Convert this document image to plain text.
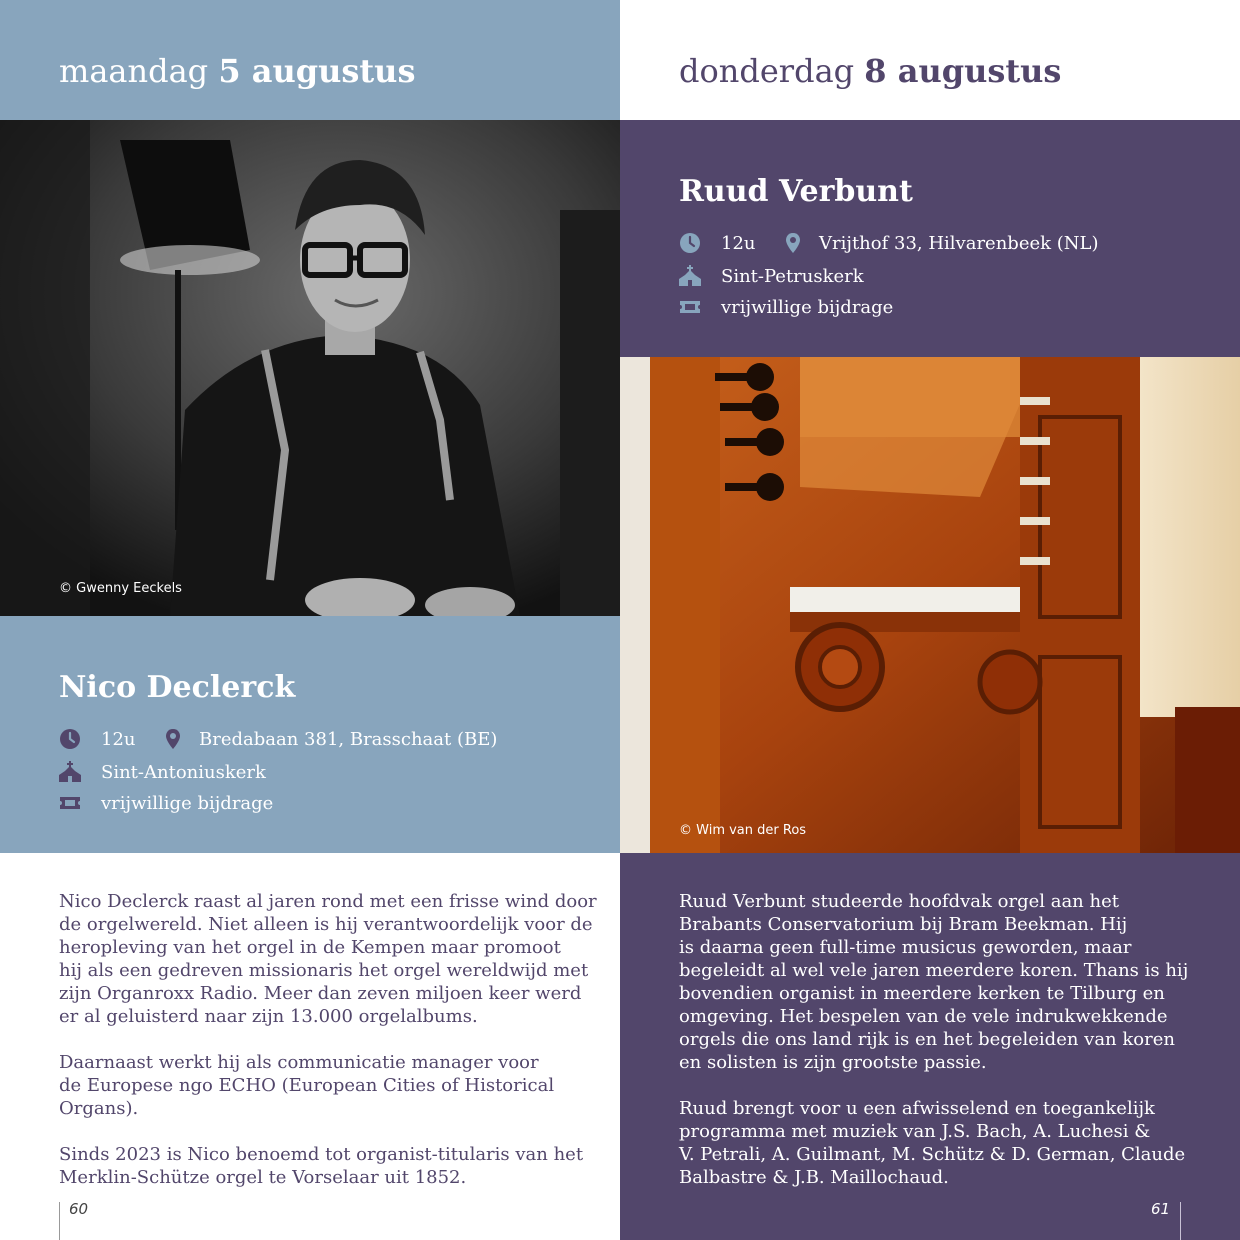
maandag 5 augustus
© Gwenny Eeckels
Nico Declerck
12u	Bredabaan 381, Brasschaat (BE)
Sint-Antoniuskerk
vrijwillige bijdrage

Nico Declerck raast al jaren rond met een frisse wind door
de orgelwereld. Niet alleen is hij verantwoordelijk voor de
heropleving van het orgel in de Kempen maar promoot
hij als een gedreven missionaris het orgel wereldwijd met
zijn Organroxx Radio. Meer dan zeven miljoen keer werd
er al geluisterd naar zijn 13.000 orgelalbums.

Daarnaast werkt hij als communicatie manager voor
de Europese ngo ECHO (European Cities of Historical
Organs).

Sinds 2023 is Nico benoemd tot organist-titularis van het
Merklin-Schütze orgel te Vorselaar uit 1852.

60
donderdag 8 augustus
Ruud Verbunt
12u	Vrijthof 33, Hilvarenbeek (NL)
Sint-Petruskerk
vrijwillige bijdrage
© Wim van der Ros

Ruud Verbunt studeerde hoofdvak orgel aan het
Brabants Conservatorium bij Bram Beekman. Hij
is daarna geen full-time musicus geworden, maar
begeleidt al wel vele jaren meerdere koren. Thans is hij
bovendien organist in meerdere kerken te Tilburg en
omgeving. Het bespelen van de vele indrukwekkende
orgels die ons land rijk is en het begeleiden van koren
en solisten is zijn grootste passie.

Ruud brengt voor u een afwisselend en toegankelijk
programma met muziek van J.S. Bach, A. Luchesi &
V. Petrali, A. Guilmant, M. Schütz & D. German, Claude
Balbastre & J.B. Maillochaud.

61
